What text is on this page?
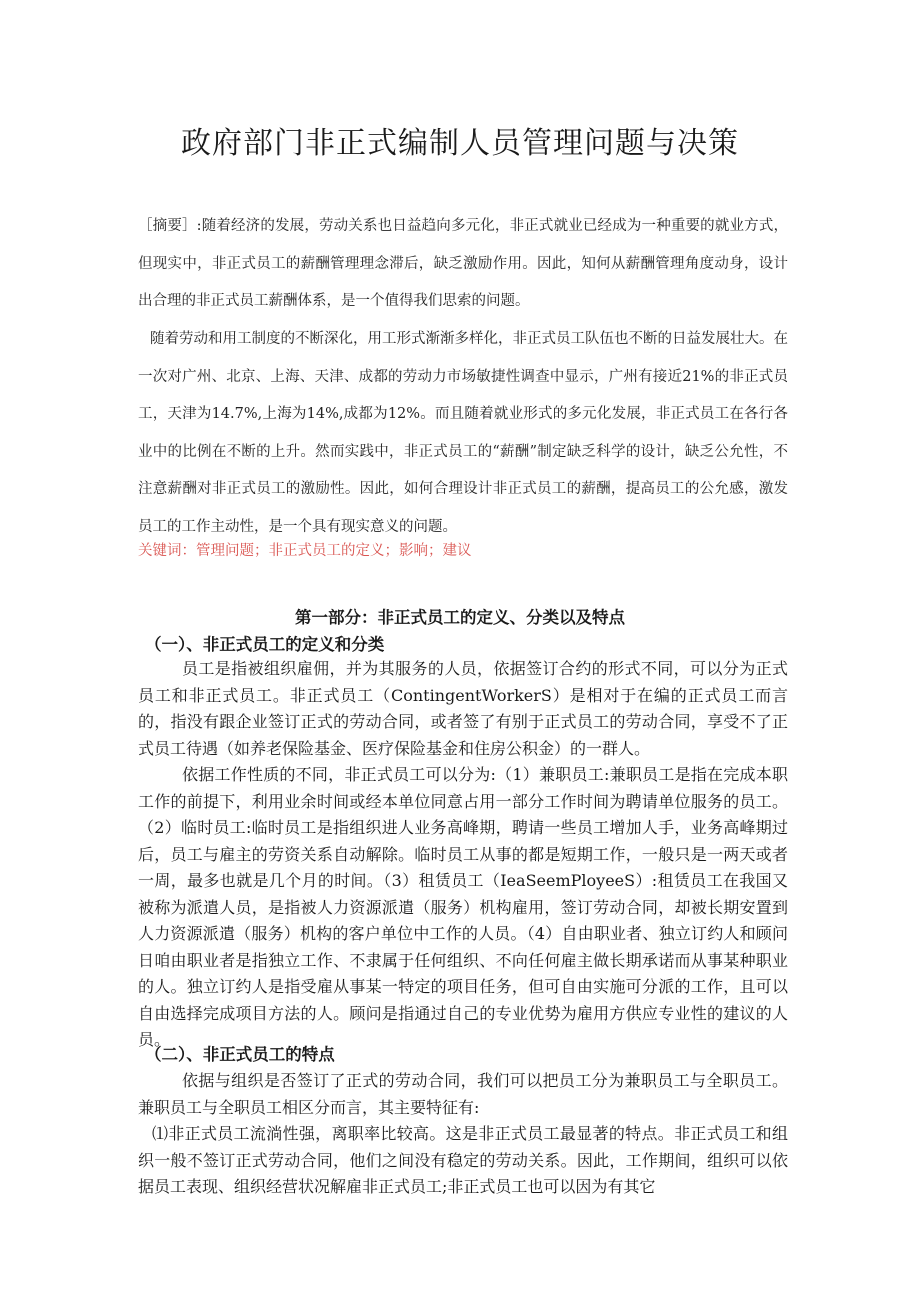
政府部门非正式编制人员管理问题与决策

［摘要］:随着经济的发展，劳动关系也日益趋向多元化，非正式就业已经成为一种重要的就业方式，但现实中，非正式员工的薪酬管理理念滞后，缺乏激励作用。因此，知何从薪酬管理角度动身，设计出合理的非正式员工薪酬体系，是一个值得我们思索的问题。

随着劳动和用工制度的不断深化，用工形式渐渐多样化，非正式员工队伍也不断的日益发展壮大。在一次对广州、北京、上海、天津、成都的劳动力市场敏捷性调查中显示，广州有接近21%的非正式员工，天津为14.7%,上海为14%,成都为12%。而且随着就业形式的多元化发展，非正式员工在各行各业中的比例在不断的上升。然而实践中，非正式员工的“薪酬”制定缺乏科学的设计，缺乏公允性，不注意薪酬对非正式员工的激励性。因此，如何合理设计非正式员工的薪酬，提高员工的公允感，激发员工的工作主动性，是一个具有现实意义的问题。

关键词：管理问题；非正式员工的定义；影响；建议
第一部分：非正式员工的定义、分类以及特点
（一）、非正式员工的定义和分类

员工是指被组织雇佣，并为其服务的人员，依据签订合约的形式不同，可以分为正式员工和非正式员工。非正式员工（ContingentWorkerS）是相对于在编的正式员工而言的，指没有跟企业签订正式的劳动合同，或者签了有别于正式员工的劳动合同，享受不了正式员工待遇（如养老保险基金、医疗保险基金和住房公积金）的一群人。

依据工作性质的不同，非正式员工可以分为:（1）兼职员工:兼职员工是指在完成本职工作的前提下，利用业余时间或经本单位同意占用一部分工作时间为聘请单位服务的员工。（2）临时员工:临时员工是指组织进人业务高峰期，聘请一些员工增加人手，业务高峰期过后，员工与雇主的劳资关系自动解除。临时员工从事的都是短期工作，一般只是一两天或者一周，最多也就是几个月的时间。（3）租赁员工（IeaSeemPloyeeS）:租赁员工在我国又被称为派遣人员，是指被人力资源派遣（服务）机构雇用，签订劳动合同，却被长期安置到人力资源派遣（服务）机构的客户单位中工作的人员。（4）自由职业者、独立订约人和顾问日咱由职业者是指独立工作、不隶属于任何组织、不向任何雇主做长期承诺而从事某种职业的人。独立订约人是指受雇从事某一特定的项目任务，但可自由实施可分派的工作，且可以自由选择完成项目方法的人。顾问是指通过自己的专业优势为雇用方供应专业性的建议的人员。

（二）、非正式员工的特点

依据与组织是否签订了正式的劳动合同，我们可以把员工分为兼职员工与全职员工。兼职员工与全职员工相区分而言，其主要特征有:

⑴非正式员工流淌性强，离职率比较高。这是非正式员工最显著的特点。非正式员工和组织一般不签订正式劳动合同，他们之间没有稳定的劳动关系。因此，工作期间，组织可以依据员工表现、组织经营状况解雇非正式员工;非正式员工也可以因为有其它
